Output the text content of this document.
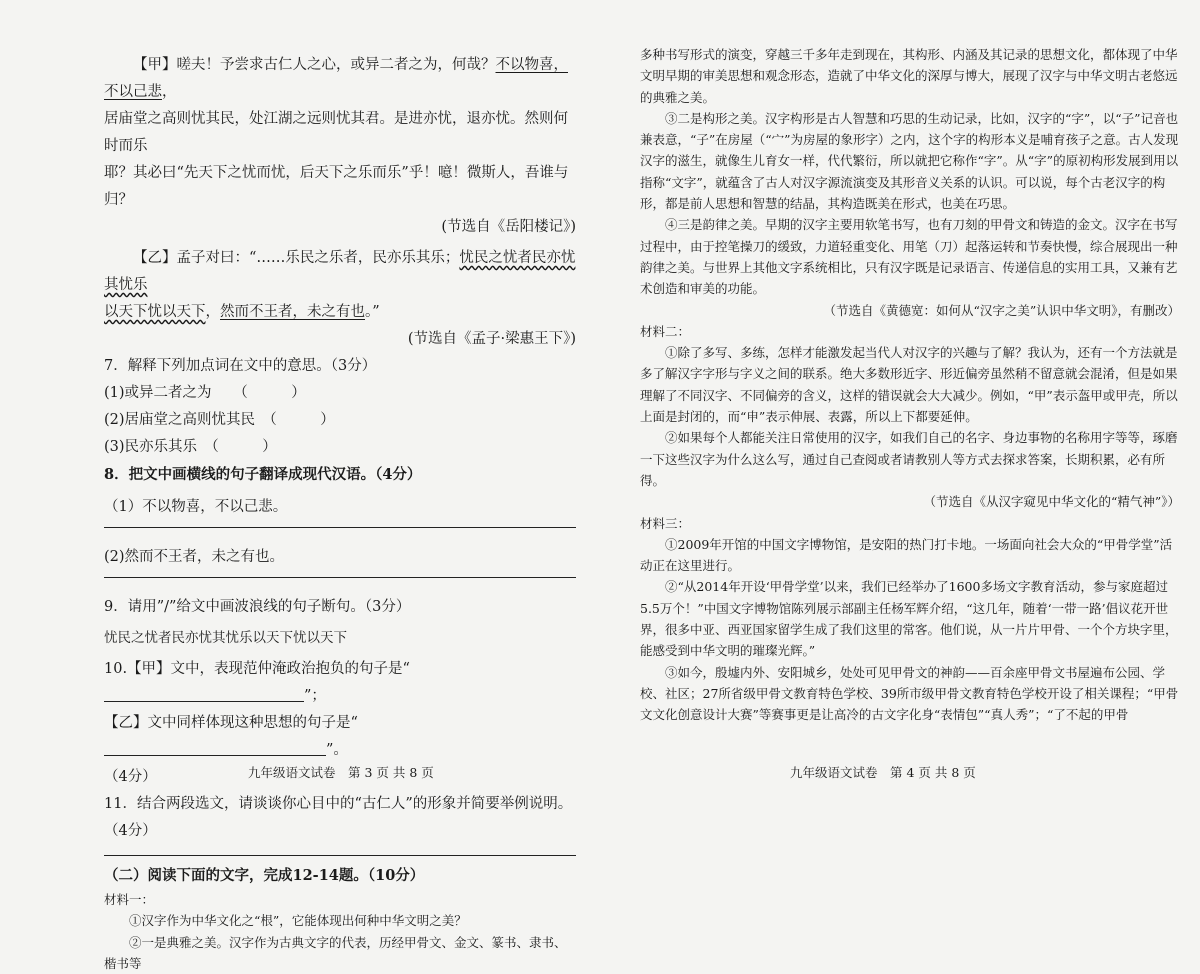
【甲】嗟夫！予尝求古仁人之心，或异二者之为，何哉？不以物喜，不以己悲，
居庙堂之高则忧其民，处江湖之远则忧其君。是进亦忧，退亦忧。然则何时而乐
耶？其必曰“先天下之忧而忧，后天下之乐而乐”乎！噫！微斯人，吾谁与归？

(节选自《岳阳楼记》)

【乙】孟子对曰：“……乐民之乐者，民亦乐其乐；忧民之忧者民亦忧其忧乐
以天下忧以天下，然而不王者，未之有也。”

(节选自《孟子·梁惠王下》)

7．解释下列加点词在文中的意思。（3分）

(1)或异二者之为　　 （　　　	）

(2)居庙堂之高则忧其民　 （　　　	）

(3)民亦乐其乐　 （　　　	）

8．把文中画横线的句子翻译成现代汉语。（4分）

（1）不以物喜，不以己悲。

(2)然而不王者，未之有也。

9．请用”/”给文中画波浪线的句子断句。（3分）

忧民之忧者民亦忧其忧乐以天下忧以天下

10.【甲】文中，表现范仲淹政治抱负的句子是“”；

【乙】文中同样体现这种思想的句子是“”。

（4分）

11．结合两段选文，请谈谈你心目中的“古仁人”的形象并简要举例说明。（4分）

（二）阅读下面的文字，完成12-14题。（10分）

材料一：

①汉字作为中华文化之“根”，它能体现出何种中华文明之美？

②一是典雅之美。汉字作为古典文字的代表，历经甲骨文、金文、篆书、隶书、楷书等

九年级语文试卷　第 3 页 共 8 页

多种书写形式的演变，穿越三千多年走到现在，其构形、内涵及其记录的思想文化，都体现了中华文明早期的审美思想和观念形态，造就了中华文化的深厚与博大，展现了汉字与中华文明古老悠远的典雅之美。

③二是构形之美。汉字构形是古人智慧和巧思的生动记录，比如，汉字的“字”，以“子”记音也兼表意，“子”在房屋（“宀”为房屋的象形字）之内，这个字的构形本义是哺育孩子之意。古人发现汉字的滋生，就像生儿育女一样，代代繁衍，所以就把它称作“字”。从“字”的原初构形发展到用以指称“文字”，就蕴含了古人对汉字源流演变及其形音义关系的认识。可以说，每个古老汉字的构形，都是前人思想和智慧的结晶，其构造既美在形式，也美在巧思。

④三是韵律之美。早期的汉字主要用软笔书写，也有刀刻的甲骨文和铸造的金文。汉字在书写过程中，由于控笔操刀的缓致，力道轻重变化、用笔（刀）起落运转和节奏快慢，综合展现出一种韵律之美。与世界上其他文字系统相比，只有汉字既是记录语言、传递信息的实用工具，又兼有艺术创造和审美的功能。

（节选自《黄德宽：如何从“汉字之美”认识中华文明》，有删改）

材料二：

①除了多写、多练，怎样才能激发起当代人对汉字的兴趣与了解？我认为，还有一个方法就是多了解汉字字形与字义之间的联系。绝大多数形近字、形近偏旁虽然稍不留意就会混淆，但是如果理解了不同汉字、不同偏旁的含义，这样的错误就会大大减少。例如，“甲”表示盔甲或甲壳，所以上面是封闭的，而“申”表示伸展、表露，所以上下都要延伸。

②如果每个人都能关注日常使用的汉字，如我们自己的名字、身边事物的名称用字等等，琢磨一下这些汉字为什么这么写，通过自己查阅或者请教别人等方式去探求答案，长期积累，必有所得。

（节选自《从汉字窥见中华文化的“精气神”》）

材料三：

①2009年开馆的中国文字博物馆，是安阳的热门打卡地。一场面向社会大众的“甲骨学堂”活动正在这里进行。

②“从2014年开设‘甲骨学堂’以来，我们已经举办了1600多场文字教育活动，参与家庭超过5.5万个！”中国文字博物馆陈列展示部副主任杨军辉介绍，“这几年，随着‘一带一路’倡议花开世界，很多中亚、西亚国家留学生成了我们这里的常客。他们说，从一片片甲骨、一个个方块字里，能感受到中华文明的璀璨光辉。”

③如今，殷墟内外、安阳城乡，处处可见甲骨文的神韵——百余座甲骨文书屋遍布公园、学校、社区；27所省级甲骨文教育特色学校、39所市级甲骨文教育特色学校开设了相关课程；“甲骨文文化创意设计大赛”等赛事更是让高冷的古文字化身“表情包”“真人秀”；“了不起的甲骨

九年级语文试卷　第 4 页 共 8 页
